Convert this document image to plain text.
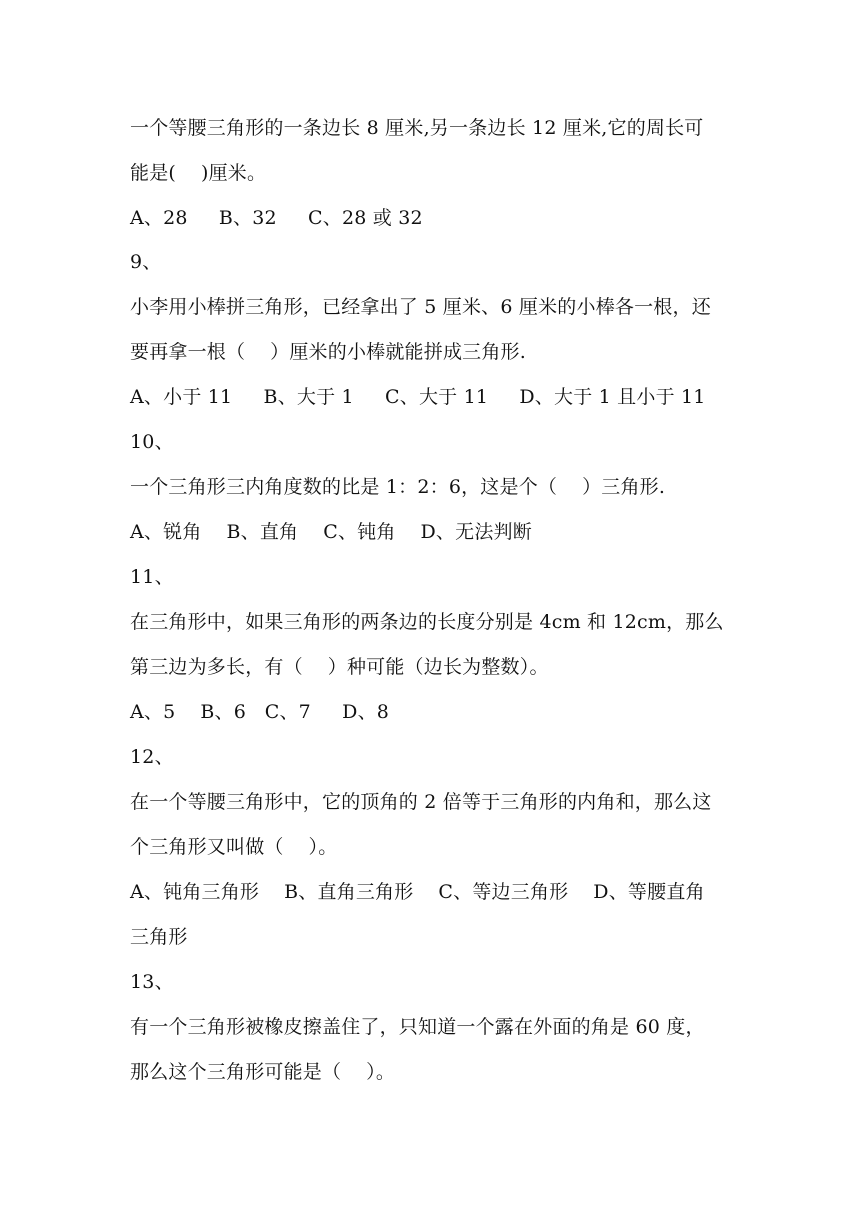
一个等腰三角形的一条边长 8 厘米,另一条边长 12 厘米,它的周长可
能是(    )厘米。
A、28     B、32     C、28 或 32
9、
小李用小棒拼三角形，已经拿出了 5 厘米、6 厘米的小棒各一根，还
要再拿一根（    ）厘米的小棒就能拼成三角形.
A、小于 11     B、大于 1     C、大于 11     D、大于 1 且小于 11
10、
一个三角形三内角度数的比是 1：2：6，这是个（    ）三角形.
A、锐角    B、直角    C、钝角    D、无法判断
11、
在三角形中，如果三角形的两条边的长度分别是 4cm 和 12cm，那么
第三边为多长，有（    ）种可能（边长为整数）。
A、5    B、6   C、7     D、8
12、
在一个等腰三角形中，它的顶角的 2 倍等于三角形的内角和，那么这
个三角形又叫做（    ）。
A、钝角三角形    B、直角三角形    C、等边三角形    D、等腰直角
三角形
13、
有一个三角形被橡皮擦盖住了，只知道一个露在外面的角是 60 度，
那么这个三角形可能是（    ）。
